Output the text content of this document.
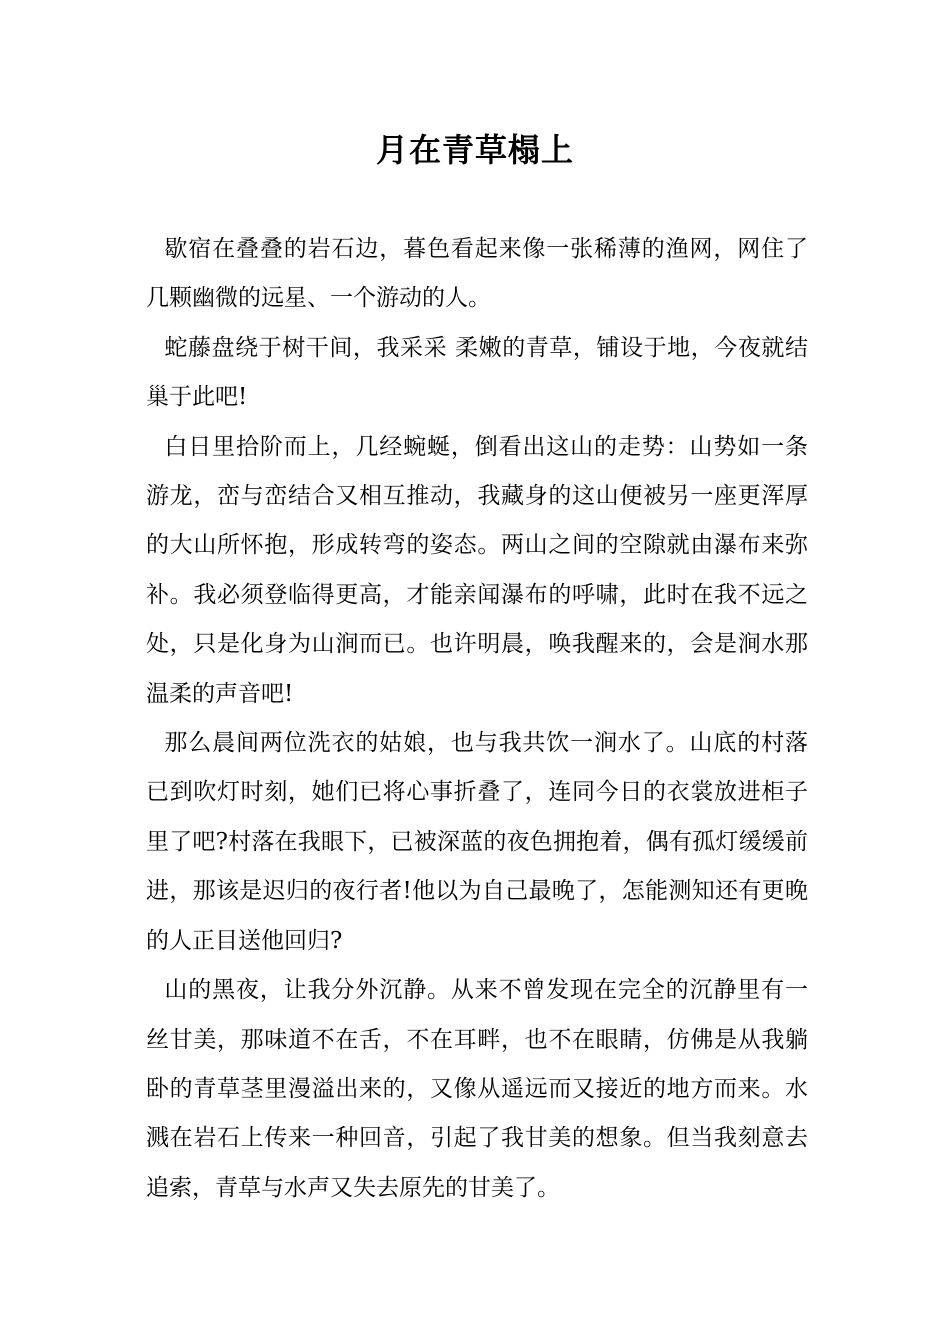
月在青草榻上

歇宿在叠叠的岩石边，暮色看起来像一张稀薄的渔网，网住了几颗幽微的远星、一个游动的人。

蛇藤盘绕于树干间，我采采 柔嫩的青草，铺设于地，今夜就结巢于此吧!

白日里拾阶而上，几经蜿蜒，倒看出这山的走势：山势如一条游龙，峦与峦结合又相互推动，我藏身的这山便被另一座更浑厚的大山所怀抱，形成转弯的姿态。两山之间的空隙就由瀑布来弥补。我必须登临得更高，才能亲闻瀑布的呼啸，此时在我不远之处，只是化身为山涧而已。也许明晨，唤我醒来的，会是涧水那温柔的声音吧!

那么晨间两位洗衣的姑娘，也与我共饮一涧水了。山底的村落已到吹灯时刻，她们已将心事折叠了，连同今日的衣裳放进柜子里了吧?村落在我眼下，已被深蓝的夜色拥抱着，偶有孤灯缓缓前进，那该是迟归的夜行者!他以为自己最晚了，怎能测知还有更晚的人正目送他回归?

山的黑夜，让我分外沉静。从来不曾发现在完全的沉静里有一丝甘美，那味道不在舌，不在耳畔，也不在眼睛，仿佛是从我躺卧的青草茎里漫溢出来的，又像从遥远而又接近的地方而来。水溅在岩石上传来一种回音，引起了我甘美的想象。但当我刻意去追索，青草与水声又失去原先的甘美了。
